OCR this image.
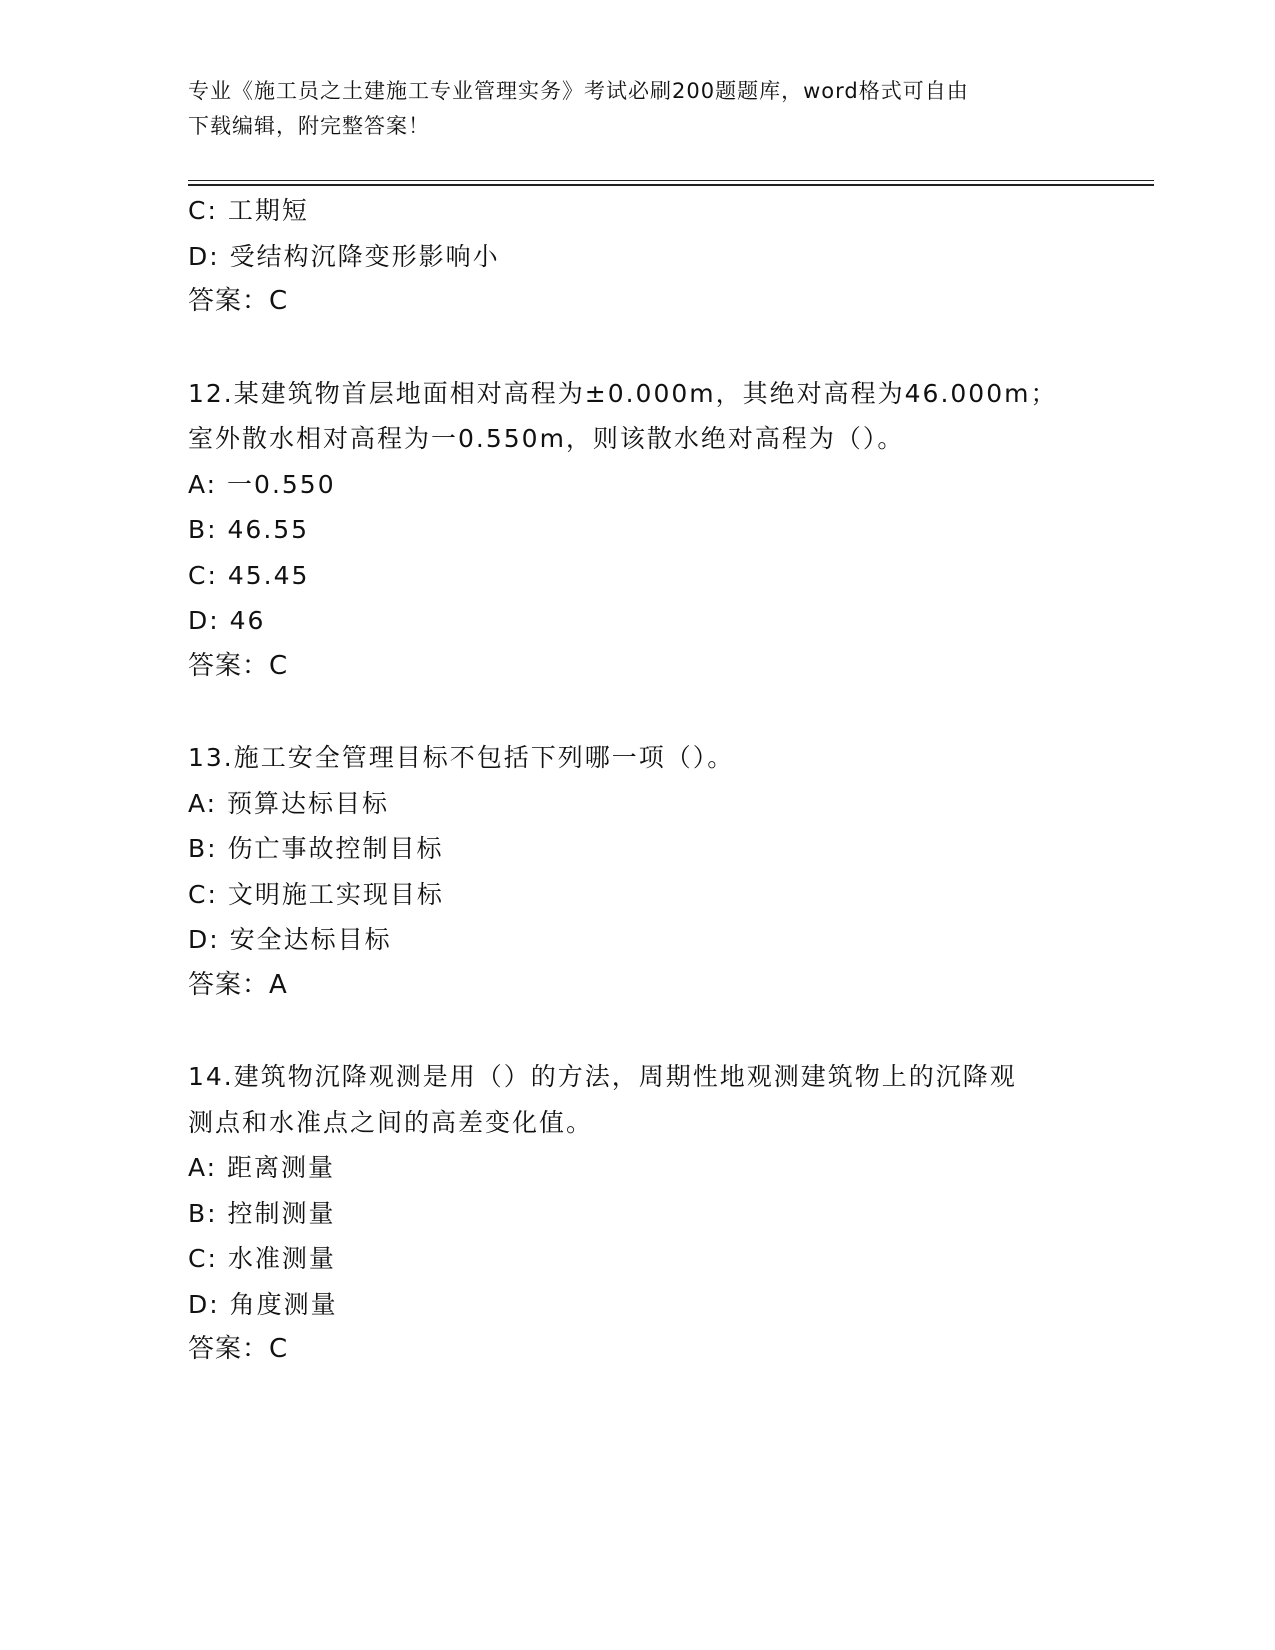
专业《施工员之土建施工专业管理实务》考试必刷200题题库，word格式可自由
下载编辑，附完整答案！
C: 工期短
D: 受结构沉降变形影响小
答案：C
12.某建筑物首层地面相对高程为±0.000m，其绝对高程为46.000m；
室外散水相对高程为一0.550m，则该散水绝对高程为（）。
A: 一0.550
B: 46.55
C: 45.45
D: 46
答案：C
13.施工安全管理目标不包括下列哪一项（）。
A: 预算达标目标
B: 伤亡事故控制目标
C: 文明施工实现目标
D: 安全达标目标
答案：A
14.建筑物沉降观测是用（）的方法，周期性地观测建筑物上的沉降观
测点和水准点之间的高差变化值。
A: 距离测量
B: 控制测量
C: 水准测量
D: 角度测量
答案：C
